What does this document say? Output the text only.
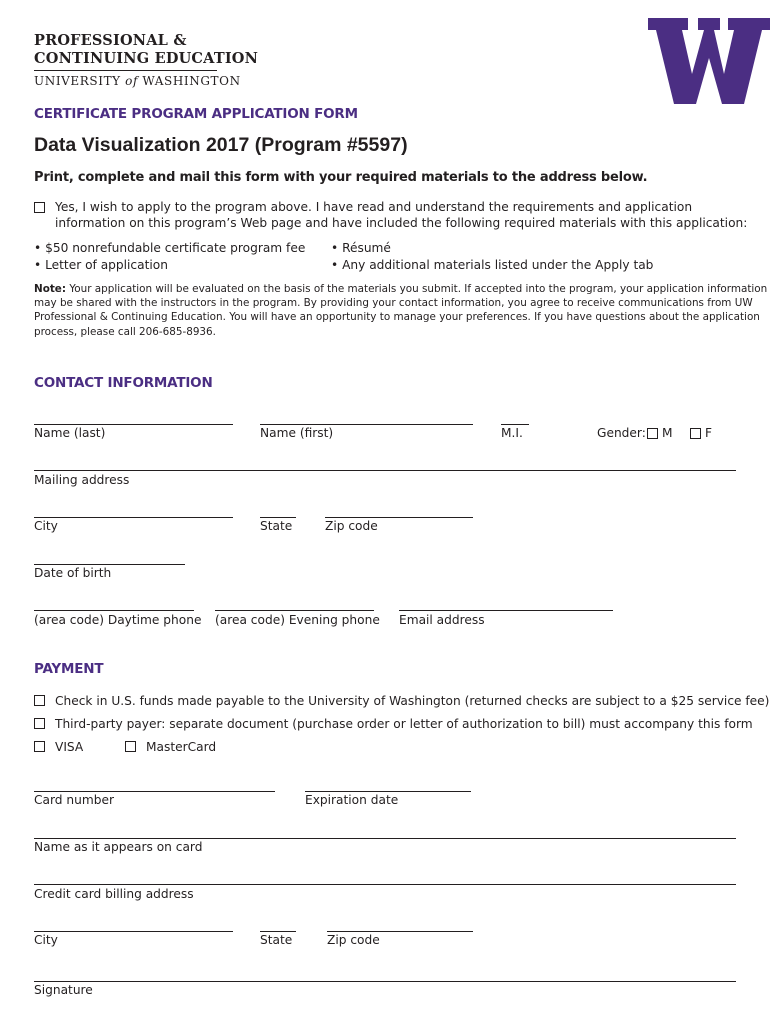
PROFESSIONAL &
CONTINUING EDUCATION
UNIVERSITY of WASHINGTON
CERTIFICATE PROGRAM APPLICATION FORM
Data Visualization 2017 (Program #5597)
Print, complete and mail this form with your required materials to the address below.
Yes, I wish to apply to the program above. I have read and understand the requirements and application
information on this program’s Web page and have included the following required materials with this application:
• $50 nonrefundable certificate program fee
• Letter of application
• Résumé
• Any additional materials listed under the Apply tab
Note: Your application will be evaluated on the basis of the materials you submit. If accepted into the program, your application information
may be shared with the instructors in the program. By providing your contact information, you agree to receive communications from UW
Professional & Continuing Education. You will have an opportunity to manage your preferences. If you have questions about the application
process, please call 206-685-8936.
CONTACT INFORMATION
Name (last)	Name (first)	M.I.	Gender: M	F
Mailing address
City	State	Zip code
Date of birth
(area code) Daytime phone (area code) Evening phone Email address
PAYMENT
Check in U.S. funds made payable to the University of Washington (returned checks are subject to a $25 service fee)
Third-party payer: separate document (purchase order or letter of authorization to bill) must accompany this form
VISA	MasterCard
Card number	Expiration date
Name as it appears on card
Credit card billing address
City	State	Zip code
Signature
